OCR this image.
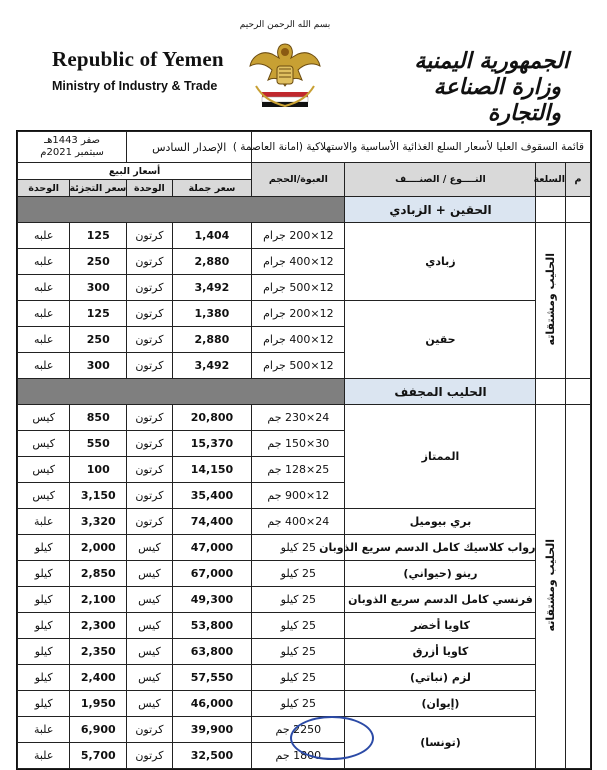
Republic of Yemen
Ministry of Industry & Trade
بسم الله الرحمن الرحيم
الجمهورية اليمنية
وزارة الصناعة والتجارة
قائمة السقوف العليا لأسعار السلع الغذائية الأساسية والاستهلاكية (امانة العاصمة )				الإصدار السادس		صفر 1443هـ
سبتمبر 2021م	

م	السلعة	النــــوع / الصنــــف	العبوة/الحجم	أسعار البيع			
				سعر جملة	الوحدة	سعر التجزئة	الوحدة
		الحقين + الزبادي					
	الحليب ومشتقاته	زبادي	12×200 جرام	1,404	كرتون	125	علبه
			12×400 جرام	2,880	كرتون	250	علبه
			12×500 جرام	3,492	كرتون	300	علبه
		حقين	12×200 جرام	1,380	كرتون	125	علبه
			12×400 جرام	2,880	كرتون	250	علبه
			12×500 جرام	3,492	كرتون	300	علبه
		الحليب المجفف					
	الحليب ومشتقاته	الممتاز	24×230 جم	20,800	كرتون	850	كيس
			30×150 جم	15,370	كرتون	550	كيس
			25×128 جم	14,150	كرتون	100	كيس
			12×900 جم	35,400	كرتون	3,150	كيس
		بري بيوميل	24×400 جم	74,400	كرتون	3,320	علبة
		رواب كلاسيك كامل الدسم سريع الذوبان	25 كيلو	47,000	كيس	2,000	كيلو
		رينو (حيواني)	25 كيلو	67,000	كيس	2,850	كيلو
		فرنسي كامل الدسم سريع الذوبان	25 كيلو	49,300	كيس	2,100	كيلو
		كاويا أخضر	25 كيلو	53,800	كيس	2,300	كيلو
		كاويا أزرق	25 كيلو	63,800	كيس	2,350	كيلو
		لزم (نباتي)	25 كيلو	57,550	كيس	2,400	كيلو
		(إيوان)	25 كيلو	46,000	كيس	1,950	كيلو
		(تونسا)	2250 جم	39,900	كرتون	6,900	علبة
			1800 جم	32,500	كرتون	5,700	علبة
